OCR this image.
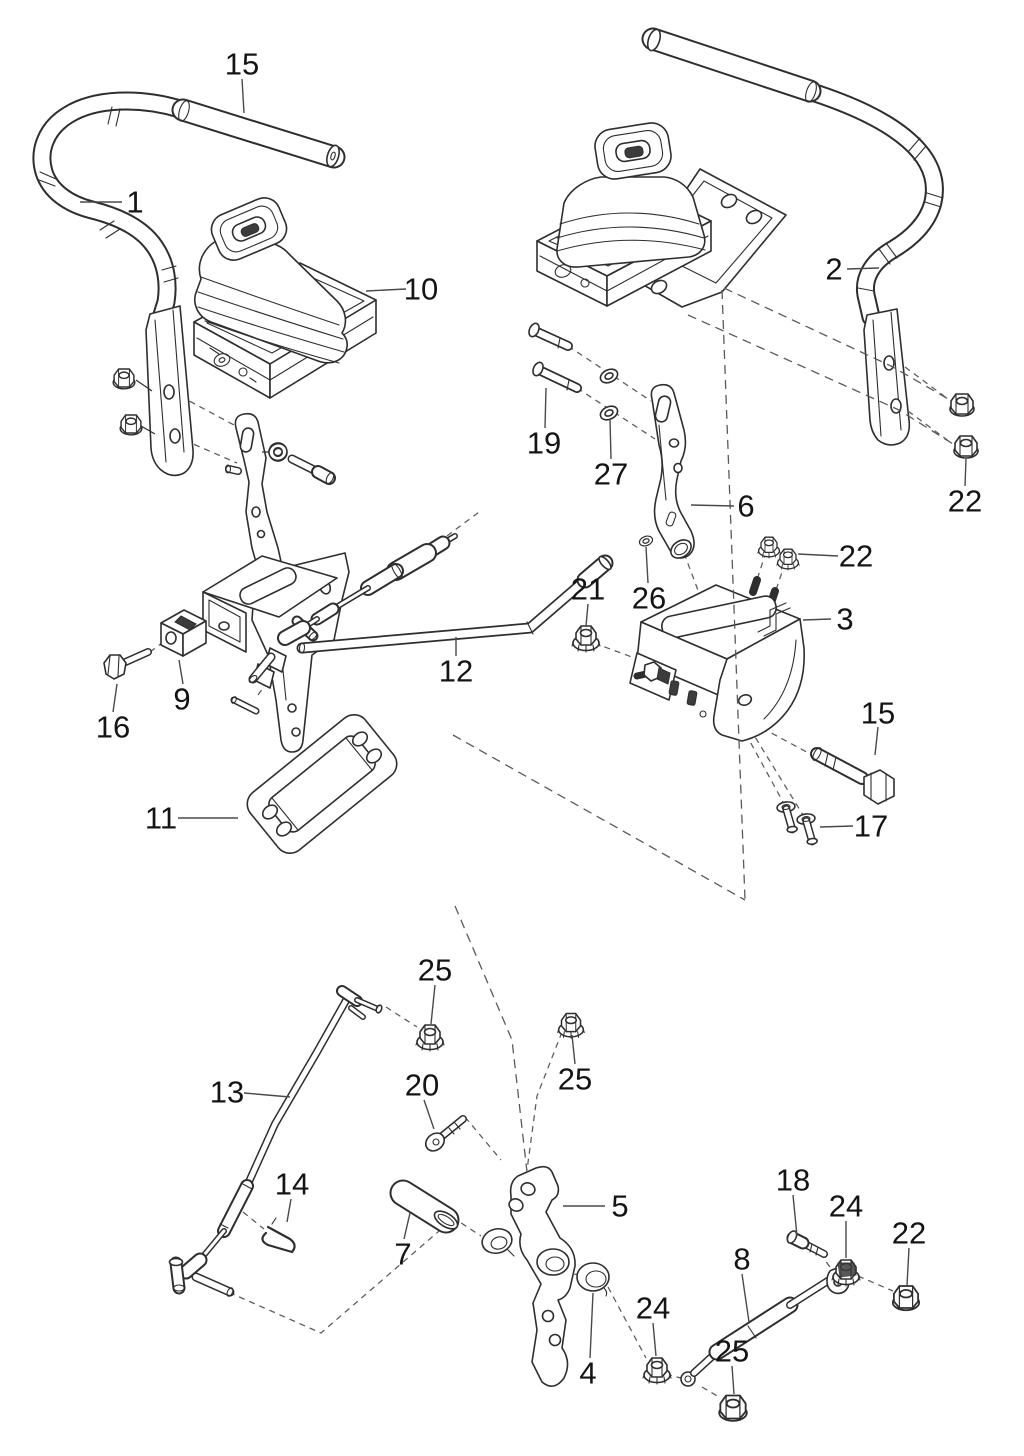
15
1
10
2
19
27
6	22
22
26
21
3
15
16
9
12
17
11
25
13	20	25
14
7
5
18
24
22
8
4
24
25
